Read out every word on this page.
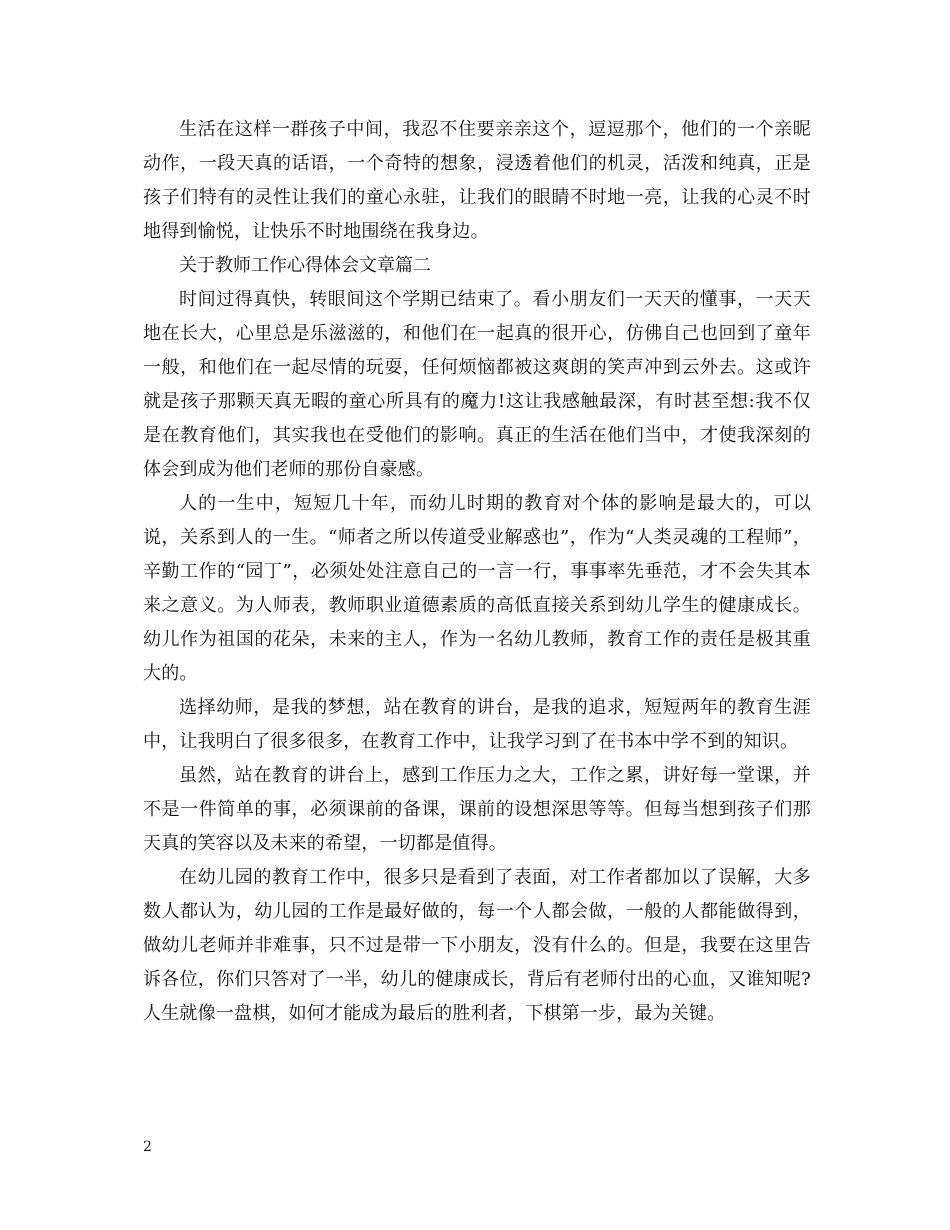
生活在这样一群孩子中间，我忍不住要亲亲这个，逗逗那个，他们的一个亲昵动作，一段天真的话语，一个奇特的想象，浸透着他们的机灵，活泼和纯真，正是孩子们特有的灵性让我们的童心永驻，让我们的眼睛不时地一亮，让我的心灵不时地得到愉悦，让快乐不时地围绕在我身边。

关于教师工作心得体会文章篇二

时间过得真快，转眼间这个学期已结束了。看小朋友们一天天的懂事，一天天地在长大，心里总是乐滋滋的，和他们在一起真的很开心，仿佛自己也回到了童年一般，和他们在一起尽情的玩耍，任何烦恼都被这爽朗的笑声冲到云外去。这或许就是孩子那颗天真无暇的童心所具有的魔力!这让我感触最深，有时甚至想:我不仅是在教育他们，其实我也在受他们的影响。真正的生活在他们当中，才使我深刻的体会到成为他们老师的那份自豪感。

人的一生中，短短几十年，而幼儿时期的教育对个体的影响是最大的，可以说，关系到人的一生。“师者之所以传道受业解惑也”，作为“人类灵魂的工程师”，辛勤工作的“园丁”，必须处处注意自己的一言一行，事事率先垂范，才不会失其本来之意义。为人师表，教师职业道德素质的高低直接关系到幼儿学生的健康成长。幼儿作为祖国的花朵，未来的主人，作为一名幼儿教师，教育工作的责任是极其重大的。

选择幼师，是我的梦想，站在教育的讲台，是我的追求，短短两年的教育生涯中，让我明白了很多很多，在教育工作中，让我学习到了在书本中学不到的知识。

虽然，站在教育的讲台上，感到工作压力之大，工作之累，讲好每一堂课，并不是一件简单的事，必须课前的备课，课前的设想深思等等。但每当想到孩子们那天真的笑容以及未来的希望，一切都是值得。

在幼儿园的教育工作中，很多只是看到了表面，对工作者都加以了误解，大多数人都认为，幼儿园的工作是最好做的，每一个人都会做，一般的人都能做得到，做幼儿老师并非难事，只不过是带一下小朋友，没有什么的。但是，我要在这里告诉各位，你们只答对了一半，幼儿的健康成长，背后有老师付出的心血，又谁知呢?人生就像一盘棋，如何才能成为最后的胜利者，下棋第一步，最为关键。

2
